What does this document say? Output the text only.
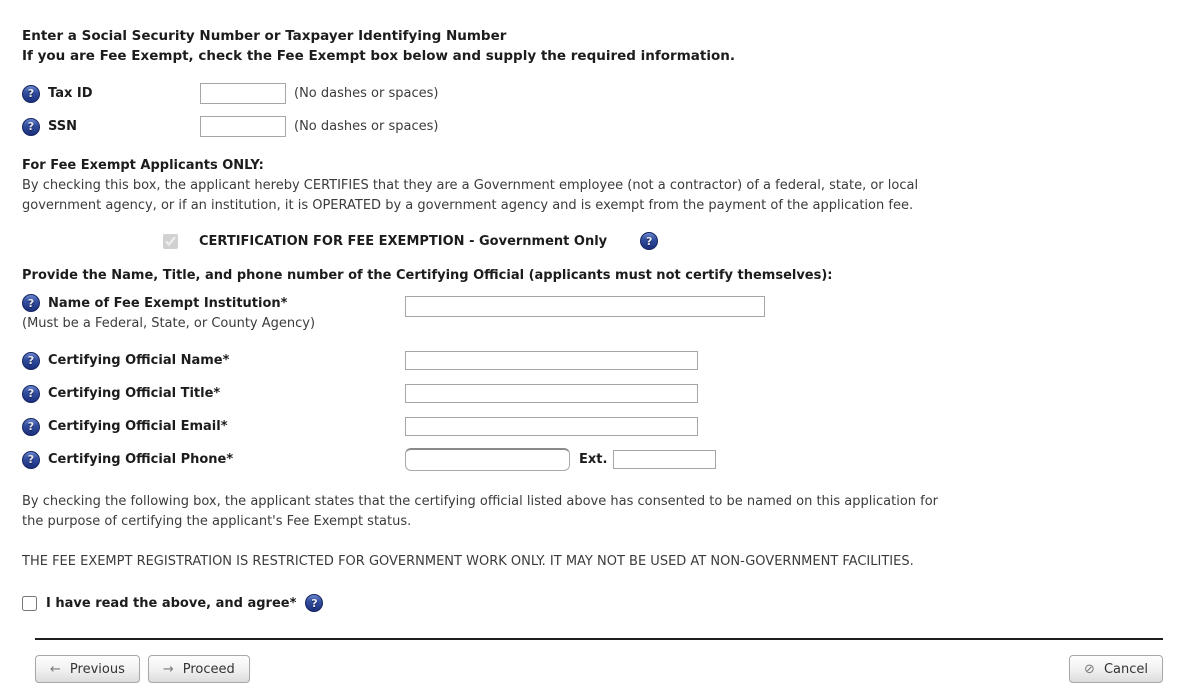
Enter a Social Security Number or Taxpayer Identifying Number
If you are Fee Exempt, check the Fee Exempt box below and supply the required information.
?	Tax ID	(No dashes or spaces)
?	SSN	(No dashes or spaces)
For Fee Exempt Applicants ONLY:
By checking this box, the applicant hereby CERTIFIES that they are a Government employee (not a contractor) of a federal, state, or local government agency, or if an institution, it is OPERATED by a government agency and is exempt from the payment of the application fee.
CERTIFICATION FOR FEE EXEMPTION - Government Only	?
Provide the Name, Title, and phone number of the Certifying Official (applicants must not certify themselves):
?	Name of Fee Exempt Institution*
(Must be a Federal, State, or County Agency)
?	Certifying Official Name*
?	Certifying Official Title*
?	Certifying Official Email*
?	Certifying Official Phone*	Ext.
By checking the following box, the applicant states that the certifying official listed above has consented to be named on this application for the purpose of certifying the applicant's Fee Exempt status.
THE FEE EXEMPT REGISTRATION IS RESTRICTED FOR GOVERNMENT WORK ONLY. IT MAY NOT BE USED AT NON-GOVERNMENT FACILITIES.
I have read the above, and agree*	?
← Previous	→ Proceed	⊘ Cancel
